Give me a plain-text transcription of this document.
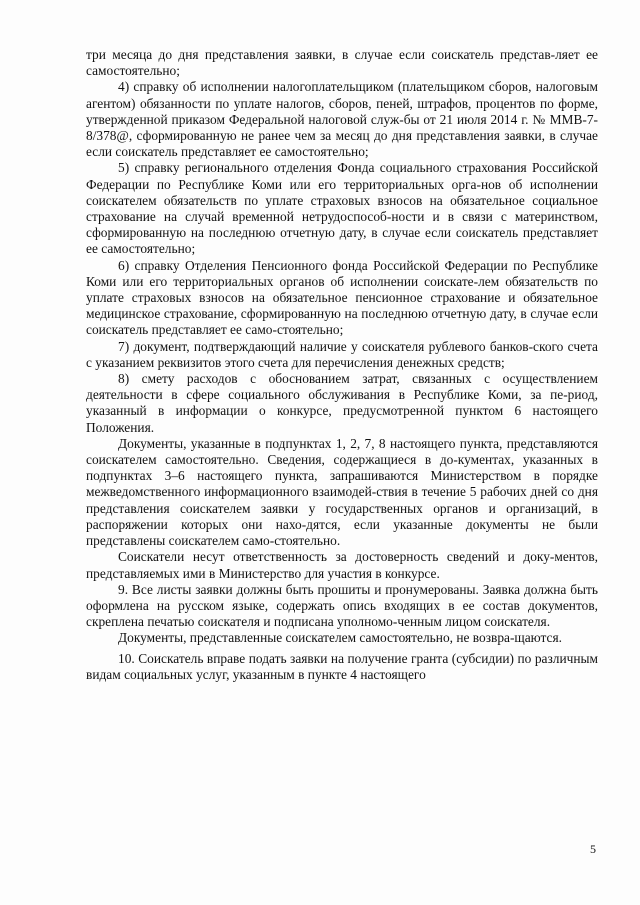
три месяца до дня представления заявки, в случае если соискатель представ-ляет ее самостоятельно;

4) справку об исполнении налогоплательщиком (плательщиком сборов, налоговым агентом) обязанности по уплате налогов, сборов, пеней, штрафов, процентов по форме, утвержденной приказом Федеральной налоговой служ-бы от 21 июля 2014 г. № ММВ-7-8/378@, сформированную не ранее чем за месяц до дня представления заявки, в случае если соискатель представляет ее самостоятельно;

5) справку регионального отделения Фонда социального страхования Российской Федерации по Республике Коми или его территориальных орга-нов об исполнении соискателем обязательств по уплате страховых взносов на обязательное социальное страхование на случай временной нетрудоспособ-ности и в связи с материнством, сформированную на последнюю отчетную дату, в случае если соискатель представляет ее самостоятельно;

6) справку Отделения Пенсионного фонда Российской Федерации по Республике Коми или его территориальных органов об исполнении соискате-лем обязательств по уплате страховых взносов на обязательное пенсионное страхование и обязательное медицинское страхование, сформированную на последнюю отчетную дату, в случае если соискатель представляет ее само-стоятельно;

7) документ, подтверждающий наличие у соискателя рублевого банков-ского счета с указанием реквизитов этого счета для перечисления денежных средств;

8) смету расходов с обоснованием затрат, связанных с осуществлением деятельности в сфере социального обслуживания в Республике Коми, за пе-риод, указанный в информации о конкурсе, предусмотренной пунктом 6 настоящего Положения.

Документы, указанные в подпунктах 1, 2, 7, 8 настоящего пункта, представляются соискателем самостоятельно. Сведения, содержащиеся в до-кументах, указанных в подпунктах 3–6 настоящего пункта, запрашиваются Министерством в порядке межведомственного информационного взаимодей-ствия в течение 5 рабочих дней со дня представления соискателем заявки у государственных органов и организаций, в распоряжении которых они нахо-дятся, если указанные документы не были представлены соискателем само-стоятельно.

Соискатели несут ответственность за достоверность сведений и доку-ментов, представляемых ими в Министерство для участия в конкурсе.

9. Все листы заявки должны быть прошиты и пронумерованы. Заявка должна быть оформлена на русском языке, содержать опись входящих в ее состав документов, скреплена печатью соискателя и подписана уполномо-ченным лицом соискателя.

Документы, представленные соискателем самостоятельно, не возвра-щаются.

10. Соискатель вправе подать заявки на получение гранта (субсидии) по различным видам социальных услуг, указанным в пункте 4 настоящего

5
